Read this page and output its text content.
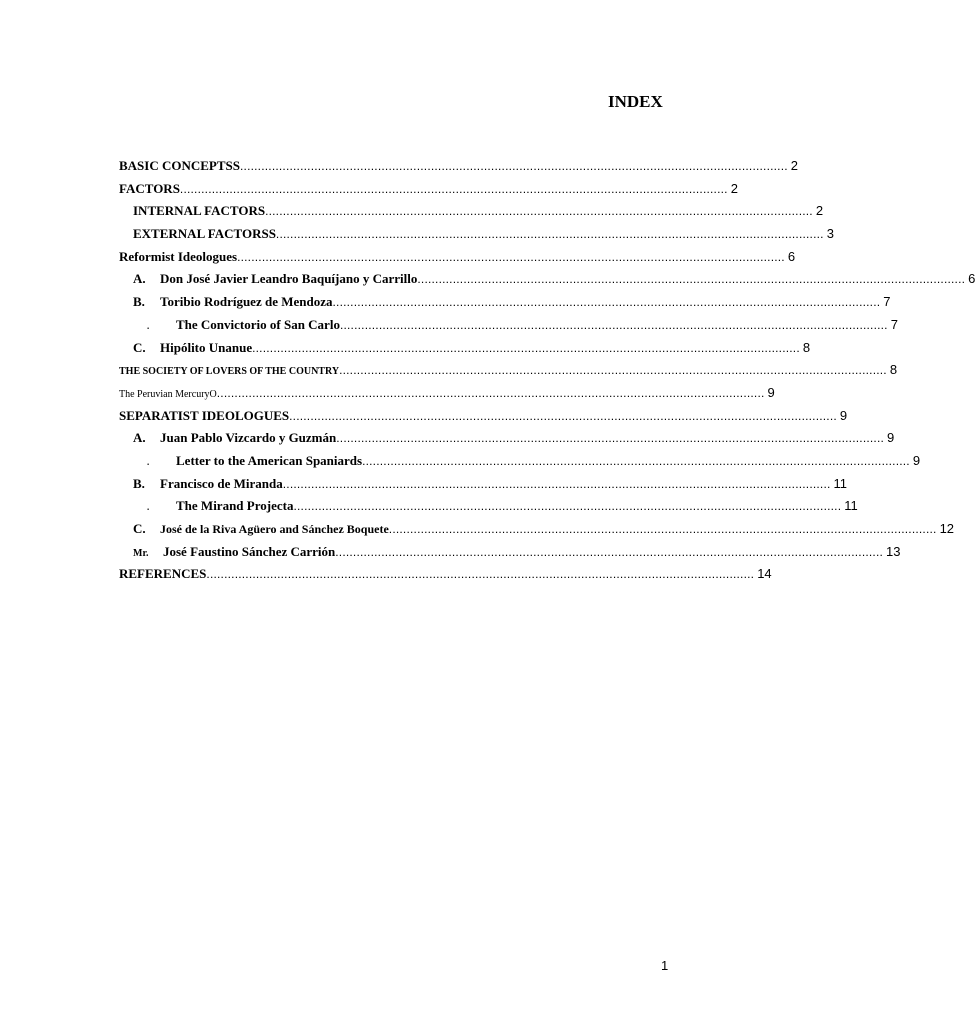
INDEX
BASIC CONCEPTSS ........................................................................................................................................................... 2
FACTORS ........................................................................................................................................................... 2
INTERNAL FACTORS ........................................................................................................................................................... 2
EXTERNAL FACTORSS ........................................................................................................................................................... 3
Reformist Ideologues ........................................................................................................................................................... 6
A. Don José Javier Leandro Baquíjano y Carrillo ........................................................................................................................................................... 6
B. Toribio Rodríguez de Mendoza ........................................................................................................................................................... 7
. The Convictorio of San Carlo ........................................................................................................................................................... 7
C. Hipólito Unanue ........................................................................................................................................................... 8
THE SOCIETY OF LOVERS OF THE COUNTRY ........................................................................................................................................................... 8
The Peruvian MercuryO ........................................................................................................................................................... 9
SEPARATIST IDEOLOGUES ........................................................................................................................................................... 9
A. Juan Pablo Vizcardo y Guzmán ........................................................................................................................................................... 9
. Letter to the American Spaniards ........................................................................................................................................................... 9
B. Francisco de Miranda ........................................................................................................................................................... 11
. The Mirand Projecta ........................................................................................................................................................... 11
C. José de la Riva Agüero and Sánchez Boquete ........................................................................................................................................................... 12
Mr. José Faustino Sánchez Carrión ........................................................................................................................................................... 13
REFERENCES ........................................................................................................................................................... 14
1
